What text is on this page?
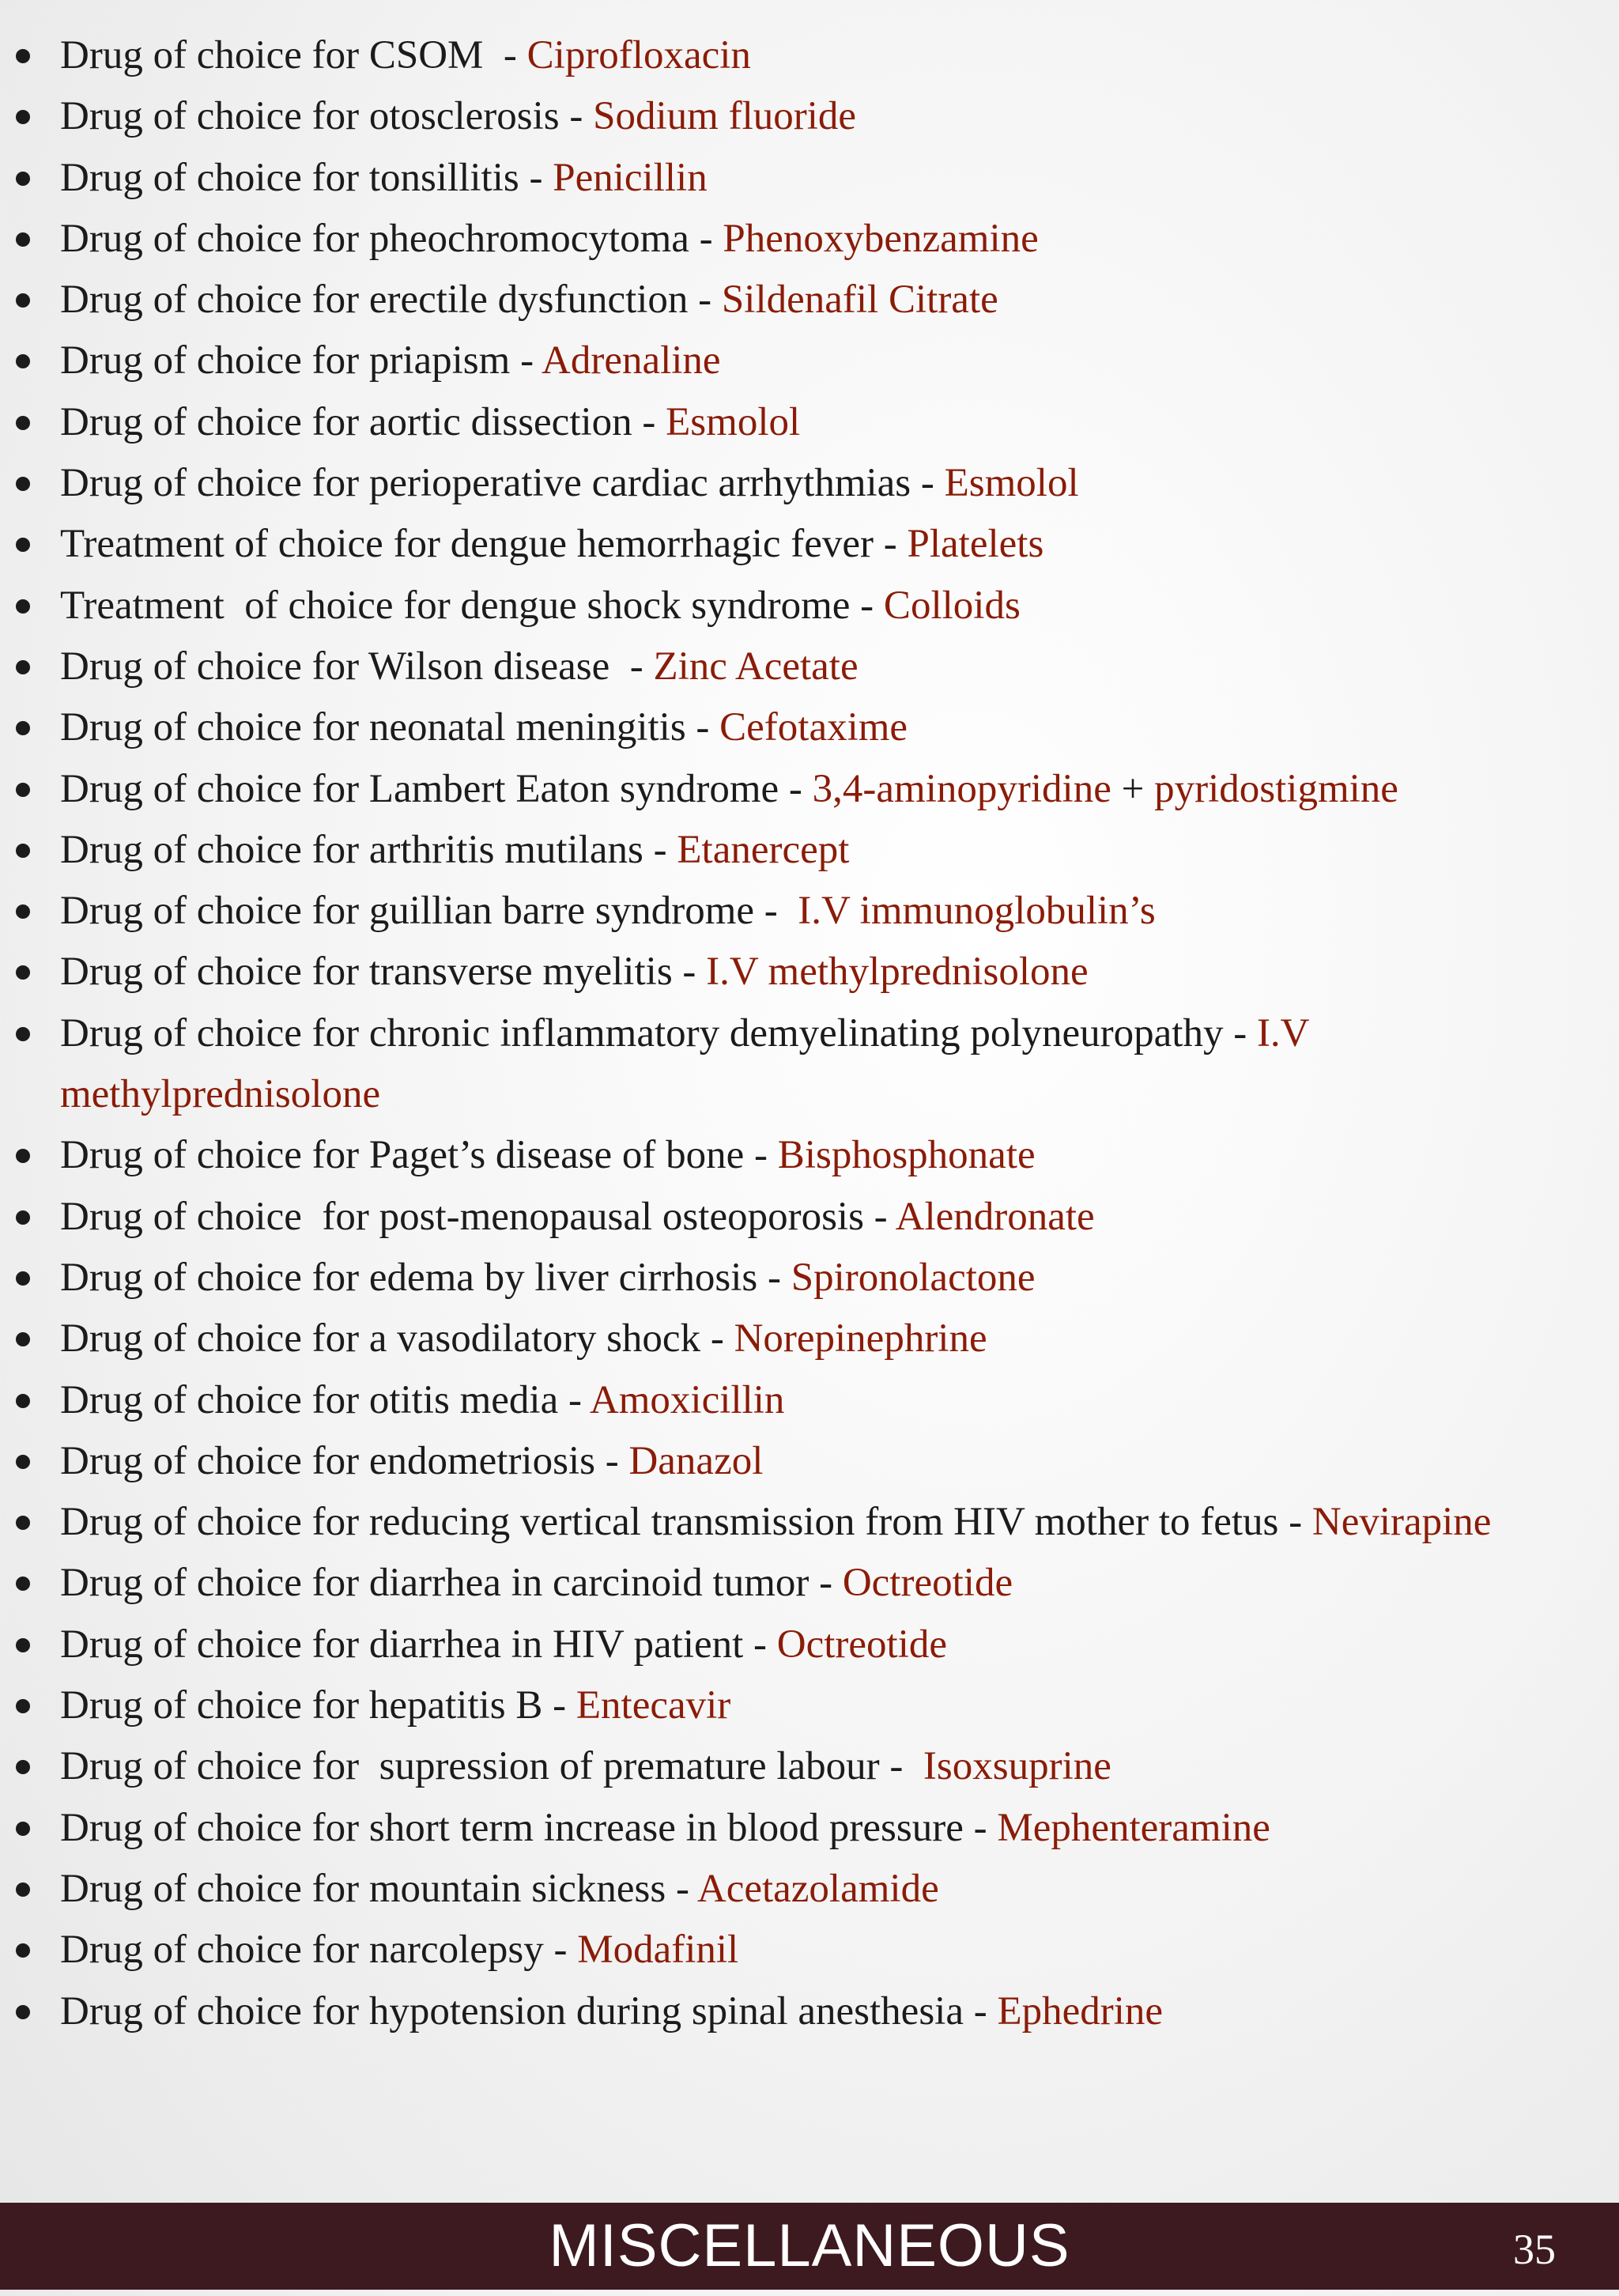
Drug of choice for CSOM  - Ciprofloxacin
Drug of choice for otosclerosis - Sodium fluoride
Drug of choice for tonsillitis - Penicillin
Drug of choice for pheochromocytoma - Phenoxybenzamine
Drug of choice for erectile dysfunction - Sildenafil Citrate
Drug of choice for priapism - Adrenaline
Drug of choice for aortic dissection - Esmolol
Drug of choice for perioperative cardiac arrhythmias - Esmolol
Treatment of choice for dengue hemorrhagic fever - Platelets
Treatment  of choice for dengue shock syndrome - Colloids
Drug of choice for Wilson disease  - Zinc Acetate
Drug of choice for neonatal meningitis - Cefotaxime
Drug of choice for Lambert Eaton syndrome - 3,4-aminopyridine + pyridostigmine
Drug of choice for arthritis mutilans - Etanercept
Drug of choice for guillian barre syndrome -  I.V immunoglobulin’s
Drug of choice for transverse myelitis - I.V methylprednisolone
Drug of choice for chronic inflammatory demyelinating polyneuropathy - I.V methylprednisolone
Drug of choice for Paget’s disease of bone - Bisphosphonate
Drug of choice  for post-menopausal osteoporosis - Alendronate
Drug of choice for edema by liver cirrhosis - Spironolactone
Drug of choice for a vasodilatory shock - Norepinephrine
Drug of choice for otitis media - Amoxicillin
Drug of choice for endometriosis - Danazol
Drug of choice for reducing vertical transmission from HIV mother to fetus - Nevirapine
Drug of choice for diarrhea in carcinoid tumor - Octreotide
Drug of choice for diarrhea in HIV patient - Octreotide
Drug of choice for hepatitis B - Entecavir
Drug of choice for  supression of premature labour -  Isoxsuprine
Drug of choice for short term increase in blood pressure - Mephenteramine
Drug of choice for mountain sickness - Acetazolamide
Drug of choice for narcolepsy - Modafinil
Drug of choice for hypotension during spinal anesthesia - Ephedrine
MISCELLANEOUS	35
